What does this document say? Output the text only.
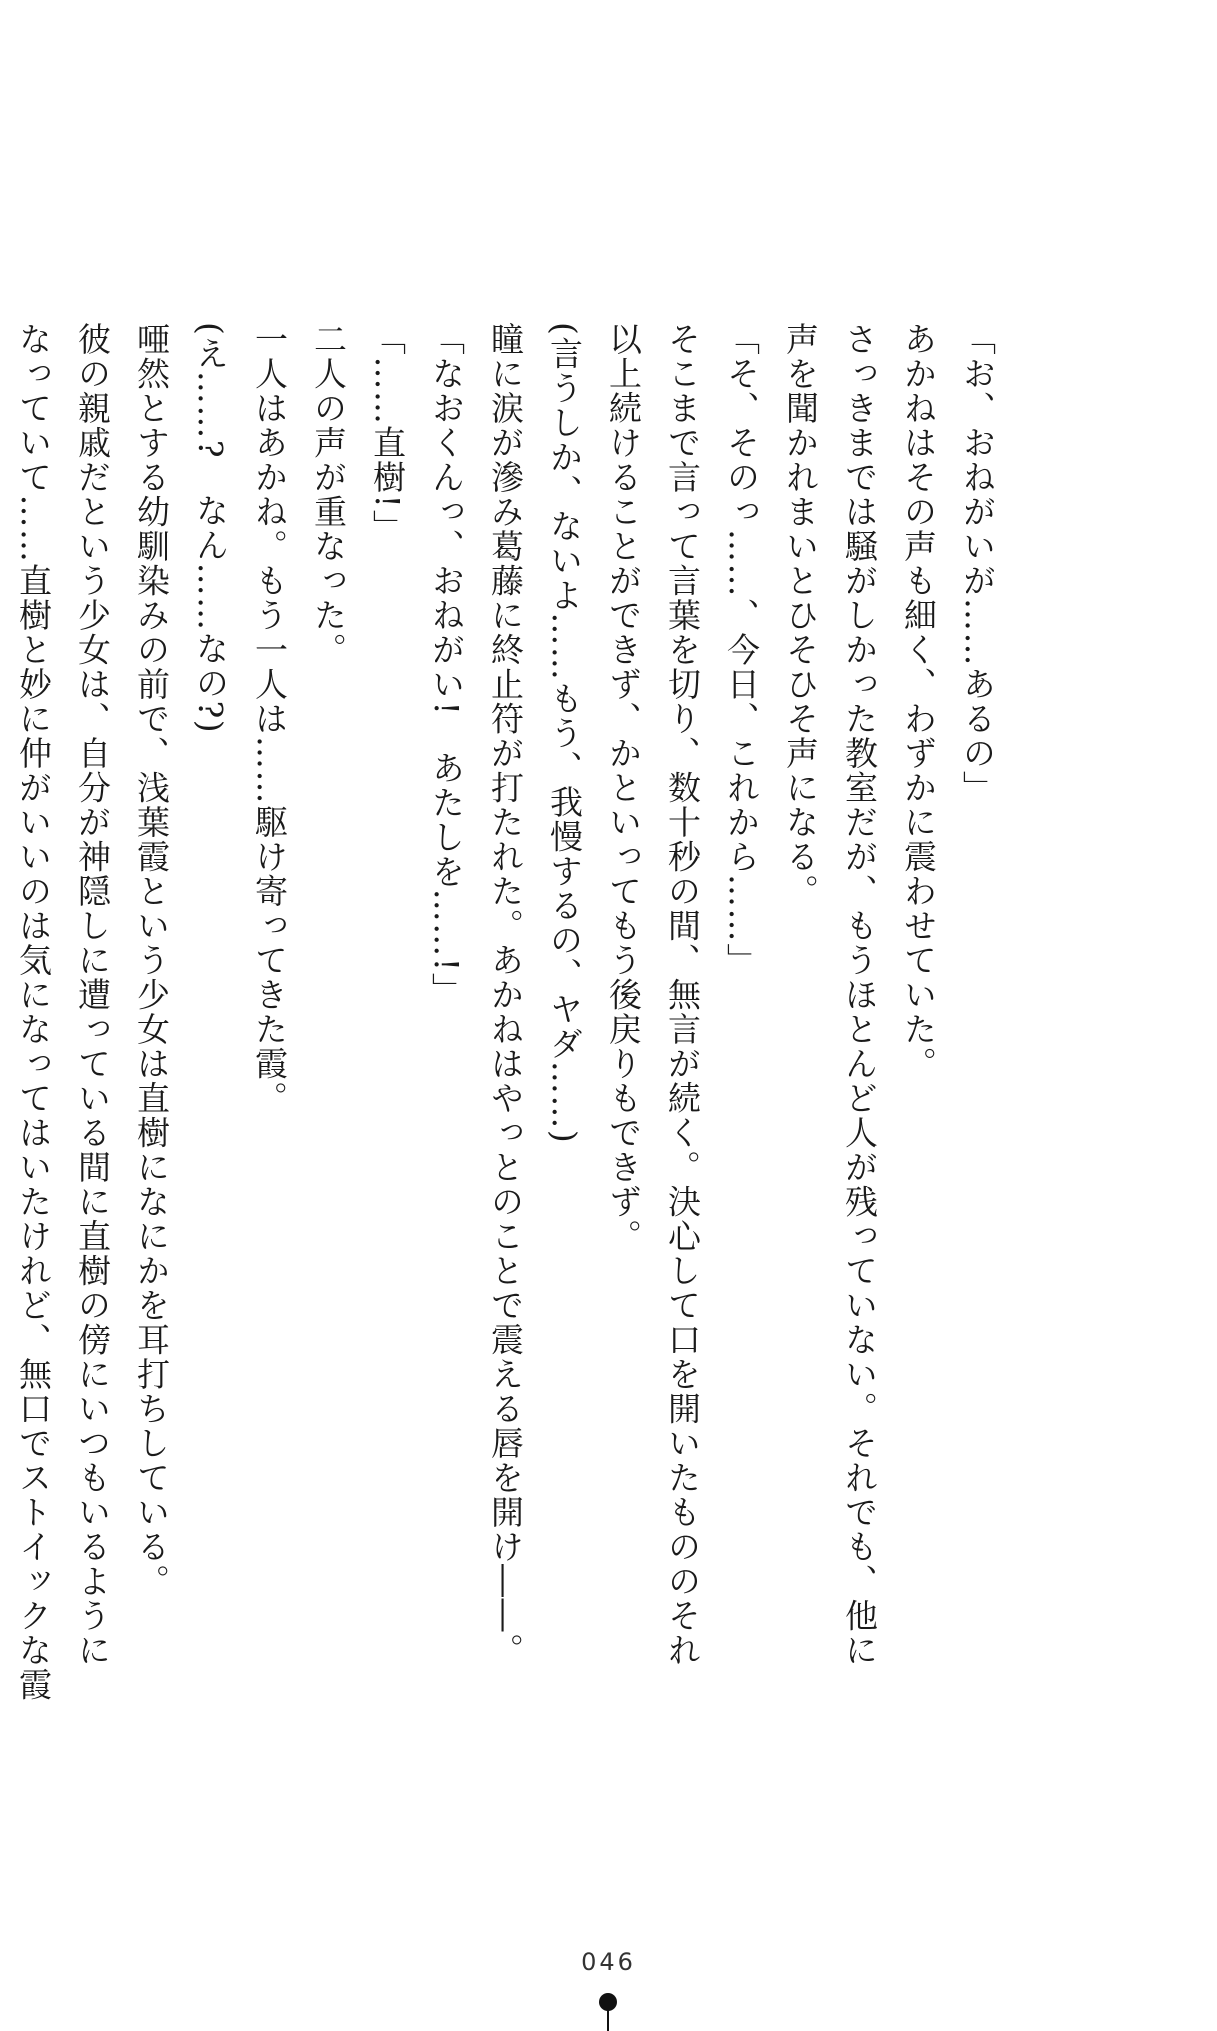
「お、おねがいが……あるの」
あかねはその声も細く、わずかに震わせていた。
さっきまでは騒がしかった教室だが、もうほとんど人が残っていない。それでも、他に
声を聞かれまいとひそひそ声になる。
「そ、そのっ……、今日、これから……」
そこまで言って言葉を切り、数十秒の間、無言が続く。決心して口を開いたもののそれ
以上続けることができず、かといってもう後戻りもできず。
(言うしか、ないよ……もう、我慢するの、ヤダ……)
瞳に涙が滲み葛藤に終止符が打たれた。あかねはやっとのことで震える唇を開け――。
「なおくんっ、おねがい!　あたしを……!」
「……直樹!」
二人の声が重なった。
一人はあかね。もう一人は……駆け寄ってきた霞。
(え……?　なん……なの?)
唖然とする幼馴染みの前で、浅葉霞という少女は直樹になにかを耳打ちしている。
彼の親戚だという少女は、自分が神隠しに遭っている間に直樹の傍にいつもいるように
なっていて……直樹と妙に仲がいいのは気になってはいたけれど、無口でストイックな霞
046
